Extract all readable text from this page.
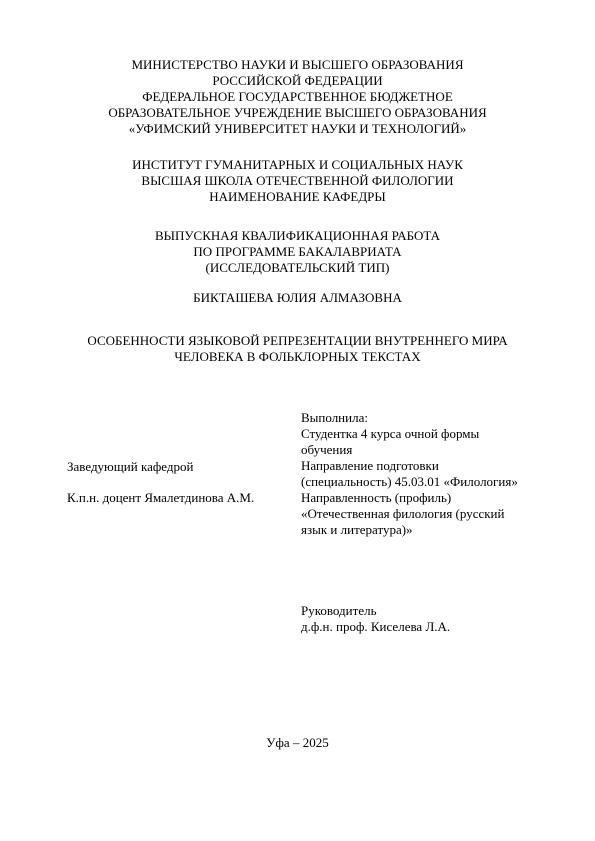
МИНИСТЕРСТВО НАУКИ И ВЫСШЕГО ОБРАЗОВАНИЯ
РОССИЙСКОЙ ФЕДЕРАЦИИ
ФЕДЕРАЛЬНОЕ ГОСУДАРСТВЕННОЕ БЮДЖЕТНОЕ
ОБРАЗОВАТЕЛЬНОЕ УЧРЕЖДЕНИЕ ВЫСШЕГО ОБРАЗОВАНИЯ
«УФИМСКИЙ УНИВЕРСИТЕТ НАУКИ И ТЕХНОЛОГИЙ»
ИНСТИТУТ ГУМАНИТАРНЫХ И СОЦИАЛЬНЫХ НАУК
ВЫСШАЯ ШКОЛА ОТЕЧЕСТВЕННОЙ ФИЛОЛОГИИ
НАИМЕНОВАНИЕ КАФЕДРЫ
ВЫПУСКНАЯ КВАЛИФИКАЦИОННАЯ РАБОТА
ПО ПРОГРАММЕ БАКАЛАВРИАТА
(ИССЛЕДОВАТЕЛЬСКИЙ ТИП)
БИКТАШЕВА ЮЛИЯ АЛМАЗОВНА
ОСОБЕННОСТИ ЯЗЫКОВОЙ РЕПРЕЗЕНТАЦИИ ВНУТРЕННЕГО МИРА
ЧЕЛОВЕКА В ФОЛЬКЛОРНЫХ ТЕКСТАХ
Заведующий кафедрой
К.п.н. доцент Ямалетдинова А.М.
Выполнила:
Студентка 4 курса очной формы
обучения
Направление подготовки
(специальность) 45.03.01 «Филология»
Направленность (профиль)
«Отечественная филология (русский
язык и литература)»
Руководитель
д.ф.н. проф. Киселева Л.А.
Уфа – 2025
